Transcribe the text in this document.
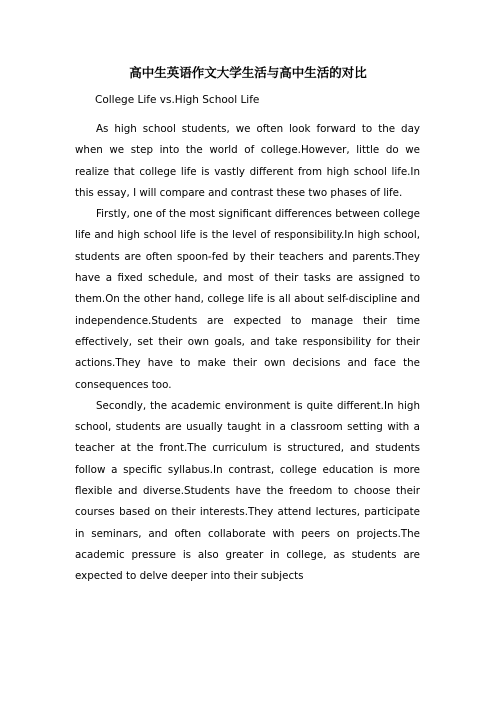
高中生英语作文大学生活与高中生活的对比
College Life vs.High School Life

As high school students, we often look forward to the day when we step into the world of college.However, little do we realize that college life is vastly different from high school life.In this essay, I will compare and contrast these two phases of life.

Firstly, one of the most significant differences between college life and high school life is the level of responsibility.In high school, students are often spoon-fed by their teachers and parents.They have a fixed schedule, and most of their tasks are assigned to them.On the other hand, college life is all about self-discipline and independence.Students are expected to manage their time effectively, set their own goals, and take responsibility for their actions.They have to make their own decisions and face the consequences too.

Secondly, the academic environment is quite different.In high school, students are usually taught in a classroom setting with a teacher at the front.The curriculum is structured, and students follow a specific syllabus.In contrast, college education is more flexible and diverse.Students have the freedom to choose their courses based on their interests.They attend lectures, participate in seminars, and often collaborate with peers on projects.The academic pressure is also greater in college, as students are expected to delve deeper into their subjects
